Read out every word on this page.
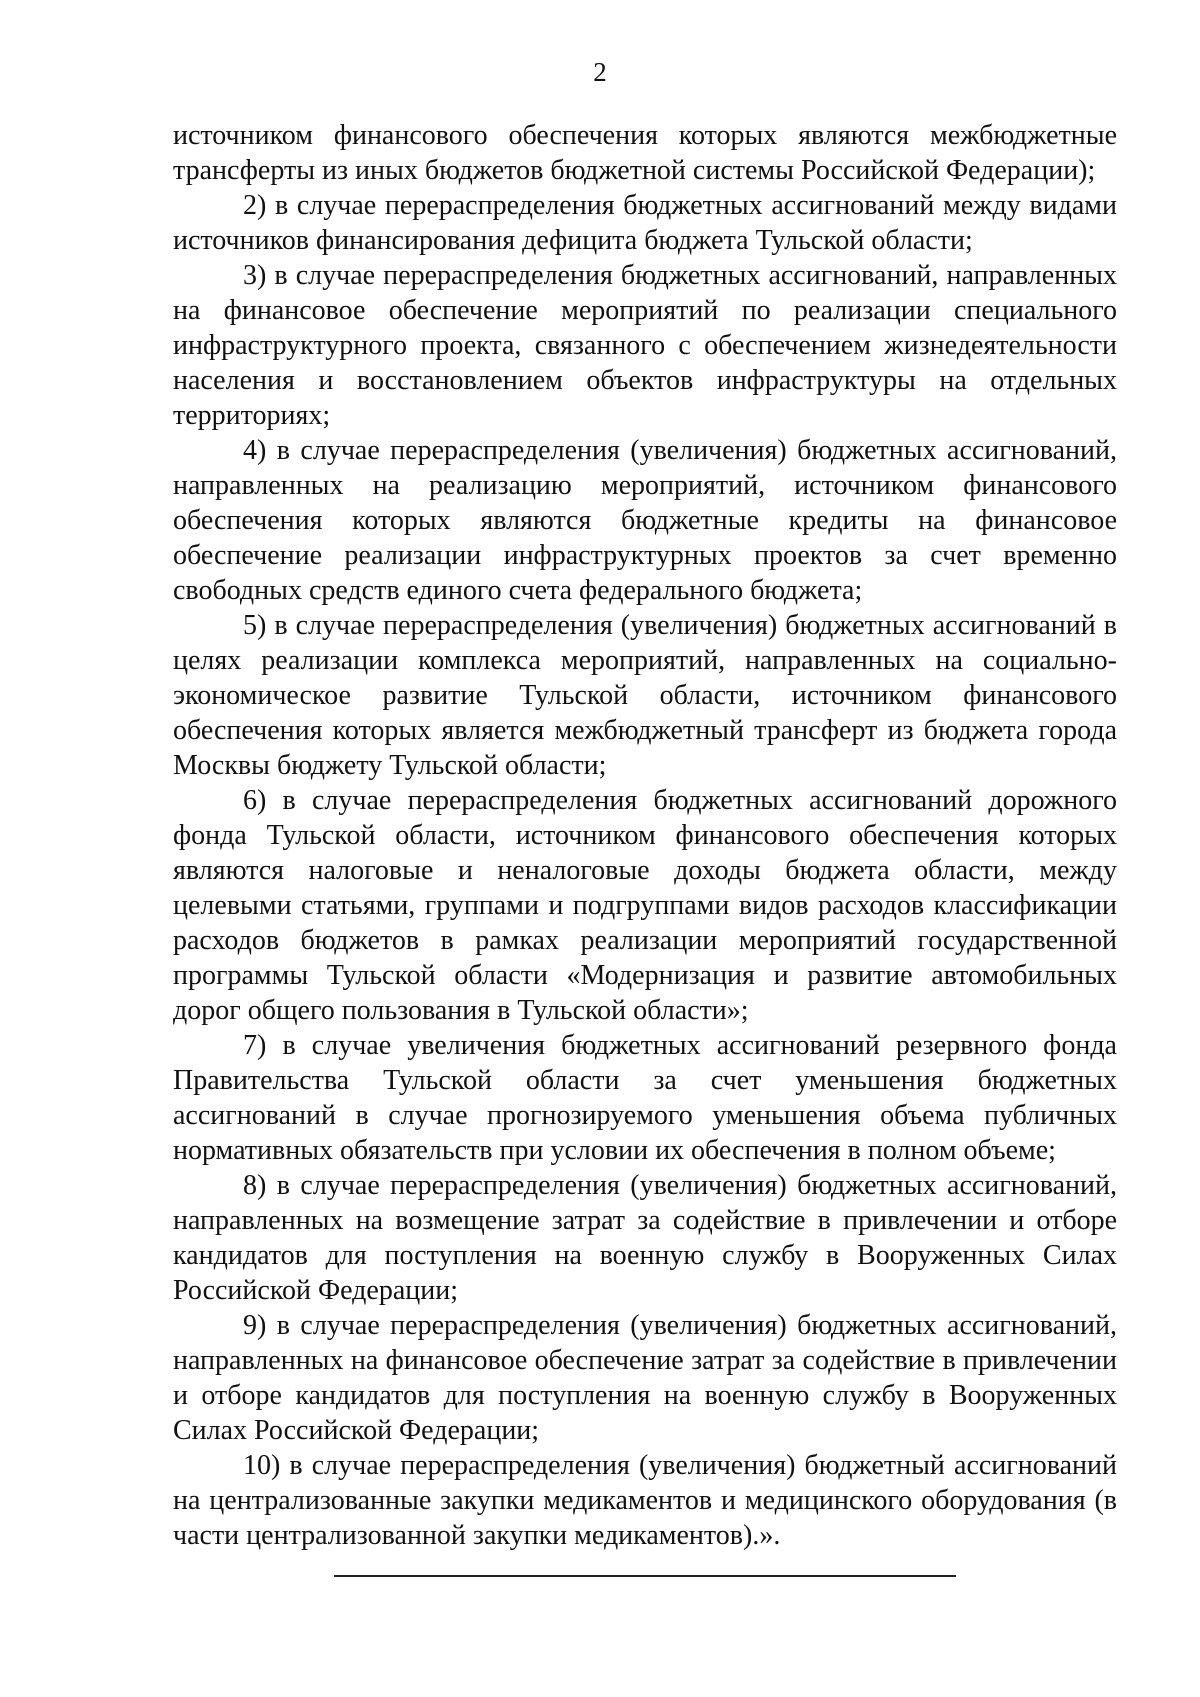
2

источником финансового обеспечения которых являются межбюджетные трансферты из иных бюджетов бюджетной системы Российской Федерации);

2) в случае перераспределения бюджетных ассигнований между видами источников финансирования дефицита бюджета Тульской области;

3) в случае перераспределения бюджетных ассигнований, направленных на финансовое обеспечение мероприятий по реализации специального инфраструктурного проекта, связанного с обеспечением жизнедеятельности населения и восстановлением объектов инфраструктуры на отдельных территориях;

4) в случае перераспределения (увеличения) бюджетных ассигнований, направленных на реализацию мероприятий, источником финансового обеспечения которых являются бюджетные кредиты на финансовое обеспечение реализации инфраструктурных проектов за счет временно свободных средств единого счета федерального бюджета;

5) в случае перераспределения (увеличения) бюджетных ассигнований в целях реализации комплекса мероприятий, направленных на социально-экономическое развитие Тульской области, источником финансового обеспечения которых является межбюджетный трансферт из бюджета города Москвы бюджету Тульской области;

6) в случае перераспределения бюджетных ассигнований дорожного фонда Тульской области, источником финансового обеспечения которых являются налоговые и неналоговые доходы бюджета области, между целевыми статьями, группами и подгруппами видов расходов классификации расходов бюджетов в рамках реализации мероприятий государственной программы Тульской области «Модернизация и развитие автомобильных дорог общего пользования в Тульской области»;

7) в случае увеличения бюджетных ассигнований резервного фонда Правительства Тульской области за счет уменьшения бюджетных ассигнований в случае прогнозируемого уменьшения объема публичных нормативных обязательств при условии их обеспечения в полном объеме;

8) в случае перераспределения (увеличения) бюджетных ассигнований, направленных на возмещение затрат за содействие в привлечении и отборе кандидатов для поступления на военную службу в Вооруженных Силах Российской Федерации;

9) в случае перераспределения (увеличения) бюджетных ассигнований, направленных на финансовое обеспечение затрат за содействие в привлечении и отборе кандидатов для поступления на военную службу в Вооруженных Силах Российской Федерации;

10) в случае перераспределения (увеличения) бюджетный ассигнований на централизованные закупки медикаментов и медицинского оборудования (в части централизованной закупки медикаментов).».
